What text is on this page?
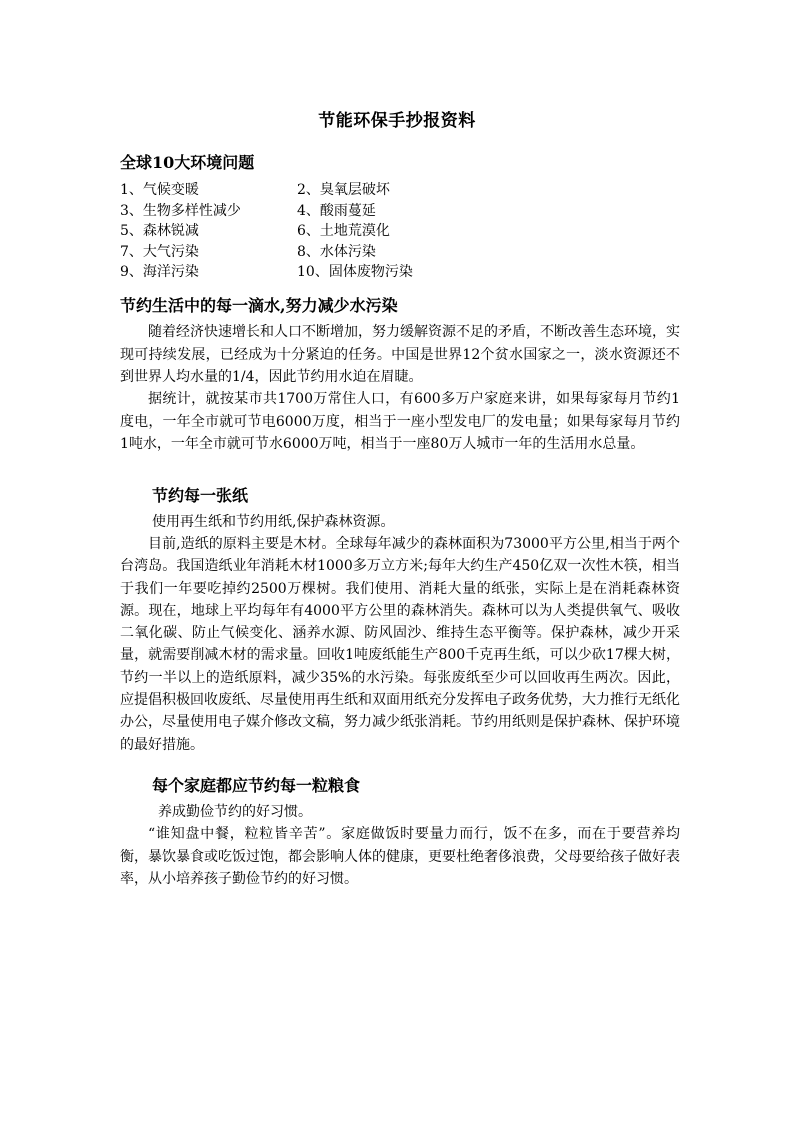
节能环保手抄报资料
全球10大环境问题
1、气候变暖	2、臭氧层破坏
3、生物多样性减少	4、酸雨蔓延
5、森林锐减	6、土地荒漠化
7、大气污染	8、水体污染
9、海洋污染	10、固体废物污染
节约生活中的每一滴水,努力减少水污染

随着经济快速增长和人口不断增加，努力缓解资源不足的矛盾，不断改善生态环境，实现可持续发展，已经成为十分紧迫的任务。中国是世界12个贫水国家之一，淡水资源还不到世界人均水量的1/4，因此节约用水迫在眉睫。

据统计，就按某市共1700万常住人口，有600多万户家庭来讲，如果每家每月节约1度电，一年全市就可节电6000万度，相当于一座小型发电厂的发电量；如果每家每月节约1吨水，一年全市就可节水6000万吨，相当于一座80万人城市一年的生活用水总量。

节约每一张纸
使用再生纸和节约用纸,保护森林资源。

目前,造纸的原料主要是木材。全球每年减少的森林面积为73000平方公里,相当于两个台湾岛。我国造纸业年消耗木材1000多万立方米;每年大约生产450亿双一次性木筷，相当于我们一年要吃掉约2500万棵树。我们使用、消耗大量的纸张，实际上是在消耗森林资源。现在，地球上平均每年有4000平方公里的森林消失。森林可以为人类提供氧气、吸收二氧化碳、防止气候变化、涵养水源、防风固沙、维持生态平衡等。保护森林，减少开采量，就需要削减木材的需求量。回收1吨废纸能生产800千克再生纸，可以少砍17棵大树，节约一半以上的造纸原料，减少35%的水污染。每张废纸至少可以回收再生两次。因此，应提倡积极回收废纸、尽量使用再生纸和双面用纸充分发挥电子政务优势，大力推行无纸化办公，尽量使用电子媒介修改文稿，努力减少纸张消耗。节约用纸则是保护森林、保护环境的最好措施。

每个家庭都应节约每一粒粮食
养成勤俭节约的好习惯。

“谁知盘中餐，粒粒皆辛苦”。家庭做饭时要量力而行，饭不在多，而在于要营养均衡，暴饮暴食或吃饭过饱，都会影响人体的健康，更要杜绝奢侈浪费，父母要给孩子做好表率，从小培养孩子勤俭节约的好习惯。
